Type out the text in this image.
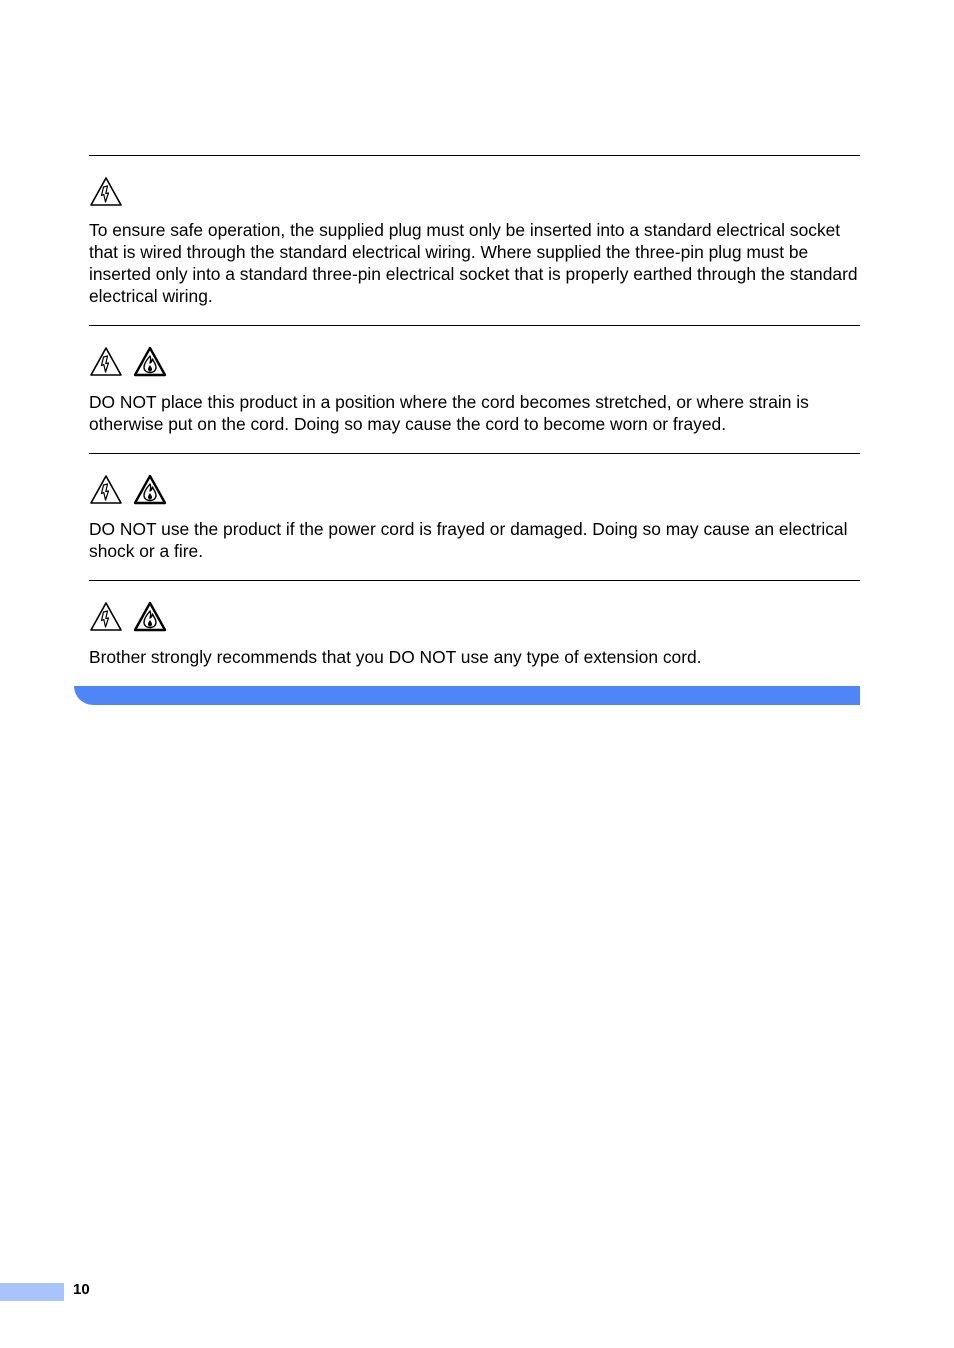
To ensure safe operation, the supplied plug must only be inserted into a standard electrical socket that is wired through the standard electrical wiring. Where supplied the three-pin plug must be inserted only into a standard three-pin electrical socket that is properly earthed through the standard electrical wiring.

DO NOT place this product in a position where the cord becomes stretched, or where strain is otherwise put on the cord. Doing so may cause the cord to become worn or frayed.

DO NOT use the product if the power cord is frayed or damaged. Doing so may cause an electrical shock or a fire.

Brother strongly recommends that you DO NOT use any type of extension cord.

10
